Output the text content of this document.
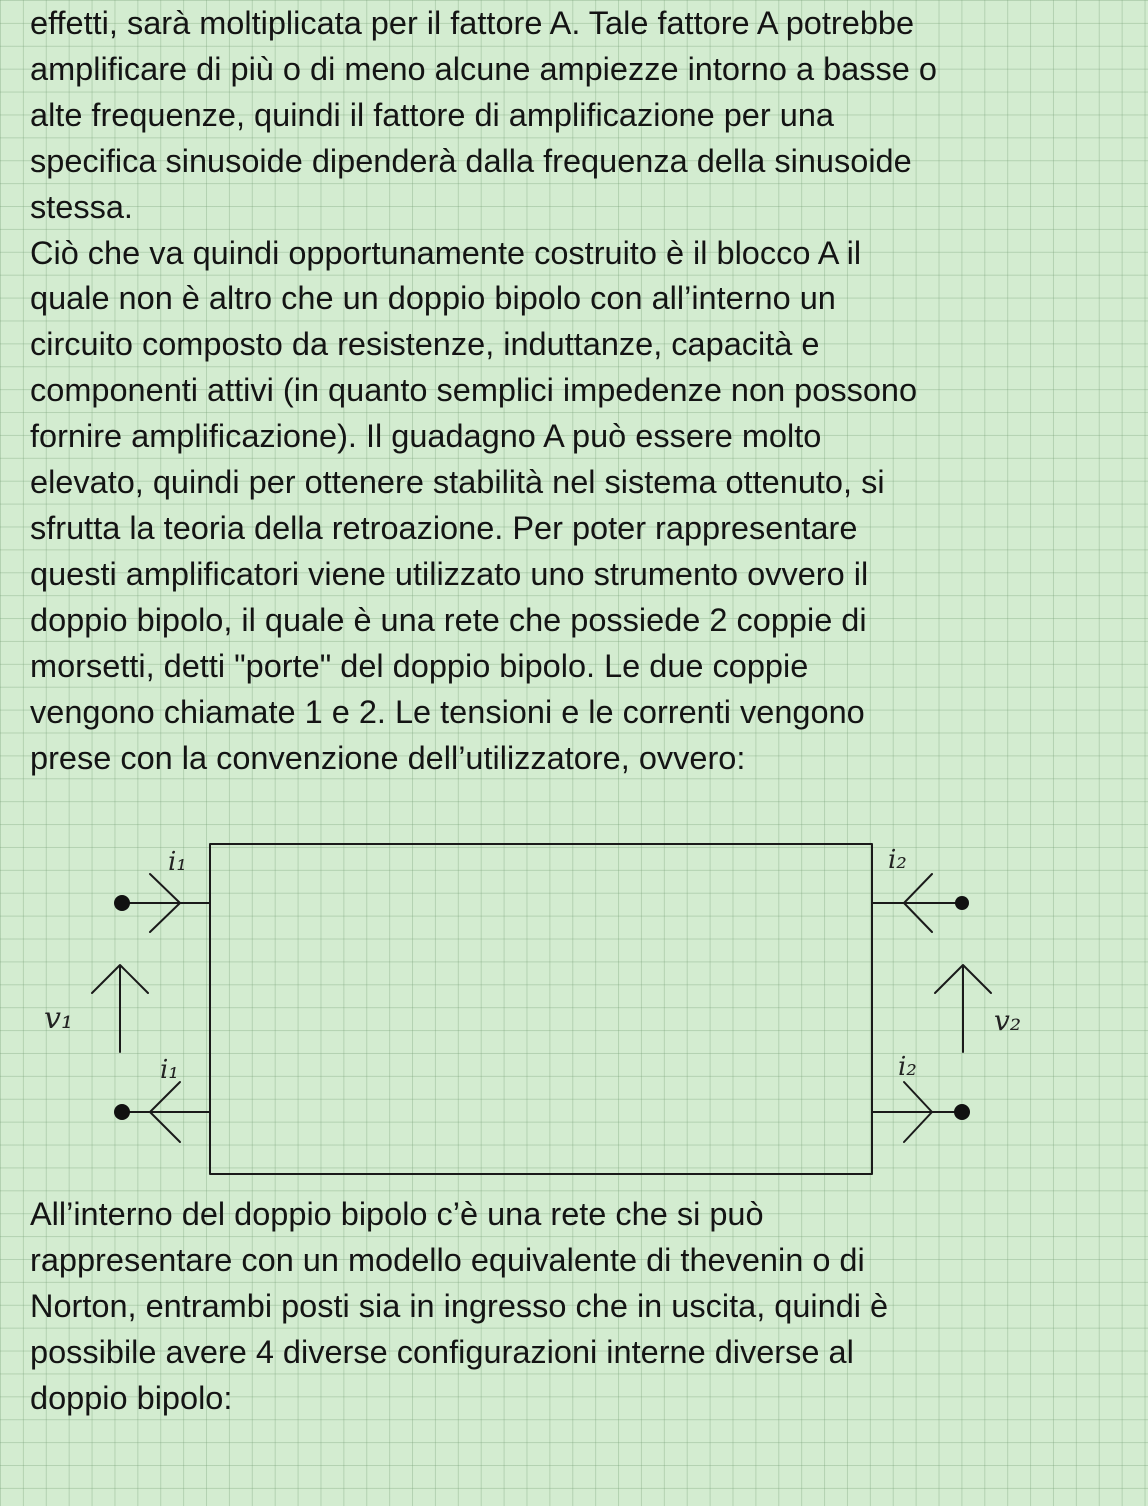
effetti, sarà moltiplicata per il fattore A. Tale fattore A potrebbe
amplificare di più o di meno alcune ampiezze intorno a basse o
alte frequenze, quindi il fattore di amplificazione per una
specifica sinusoide dipenderà dalla frequenza della sinusoide
stessa.
Ciò che va quindi opportunamente costruito è il blocco A il
quale non è altro che un doppio bipolo con all’interno un
circuito composto da resistenze, induttanze, capacità e
componenti attivi (in quanto semplici impedenze non possono
fornire amplificazione). Il guadagno A può essere molto
elevato, quindi per ottenere stabilità nel sistema ottenuto, si
sfrutta la teoria della retroazione. Per poter rappresentare
questi amplificatori viene utilizzato uno strumento ovvero il
doppio bipolo, il quale è una rete che possiede 2 coppie di
morsetti, detti "porte" del doppio bipolo. Le due coppie
vengono chiamate 1 e 2. Le tensioni e le correnti vengono
prese con la convenzione dell’utilizzatore, ovvero:
i₁
i₁
i₂
i₂
v₁	v₂
All’interno del doppio bipolo c’è una rete che si può
rappresentare con un modello equivalente di thevenin o di
Norton, entrambi posti sia in ingresso che in uscita, quindi è
possibile avere 4 diverse configurazioni interne diverse al
doppio bipolo:
